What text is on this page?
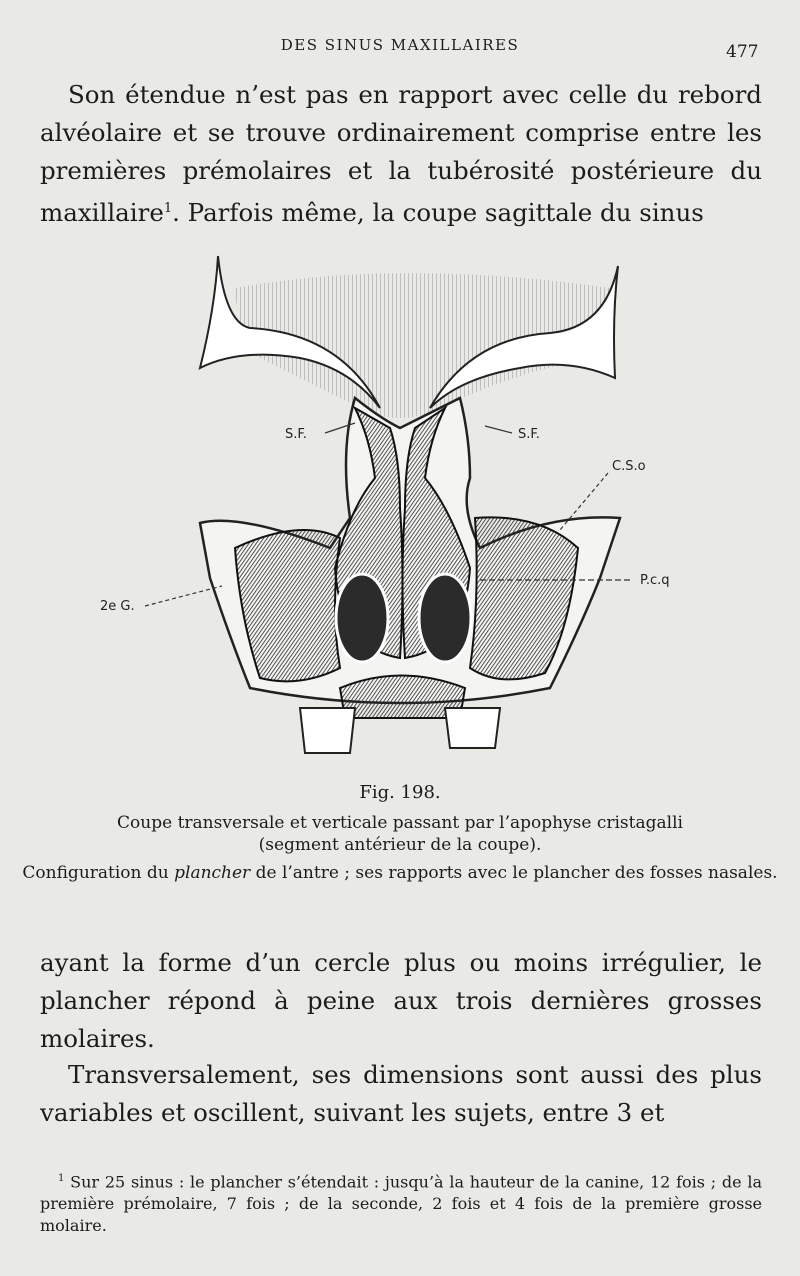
DES SINUS MAXILLAIRES	477

Son étendue n’est pas en rapport avec celle du rebord alvéolaire et se trouve ordinairement comprise entre les premières prémolaires et la tubérosité postérieure du maxillaire$^1$. Parfois même, la coupe sagittale du sinus

S.F.	S.F.
C.S.o
P.c.q
2e G.
Fig. 198.

Coupe transversale et verticale passant par l’apophyse cristagalli
(segment antérieur de la coupe).

Configuration du plancher de l’antre ; ses rapports avec le plancher des fosses nasales.

ayant la forme d’un cercle plus ou moins irrégulier, le plancher répond à peine aux trois dernières grosses molaires.

Transversalement, ses dimensions sont aussi des plus variables et oscillent, suivant les sujets, entre 3 et

$^1$ Sur 25 sinus : le plancher s’étendait : jusqu’à la hauteur de la canine, 12 fois ; de la première prémolaire, 7 fois ; de la seconde, 2 fois et 4 fois de la première grosse molaire.
